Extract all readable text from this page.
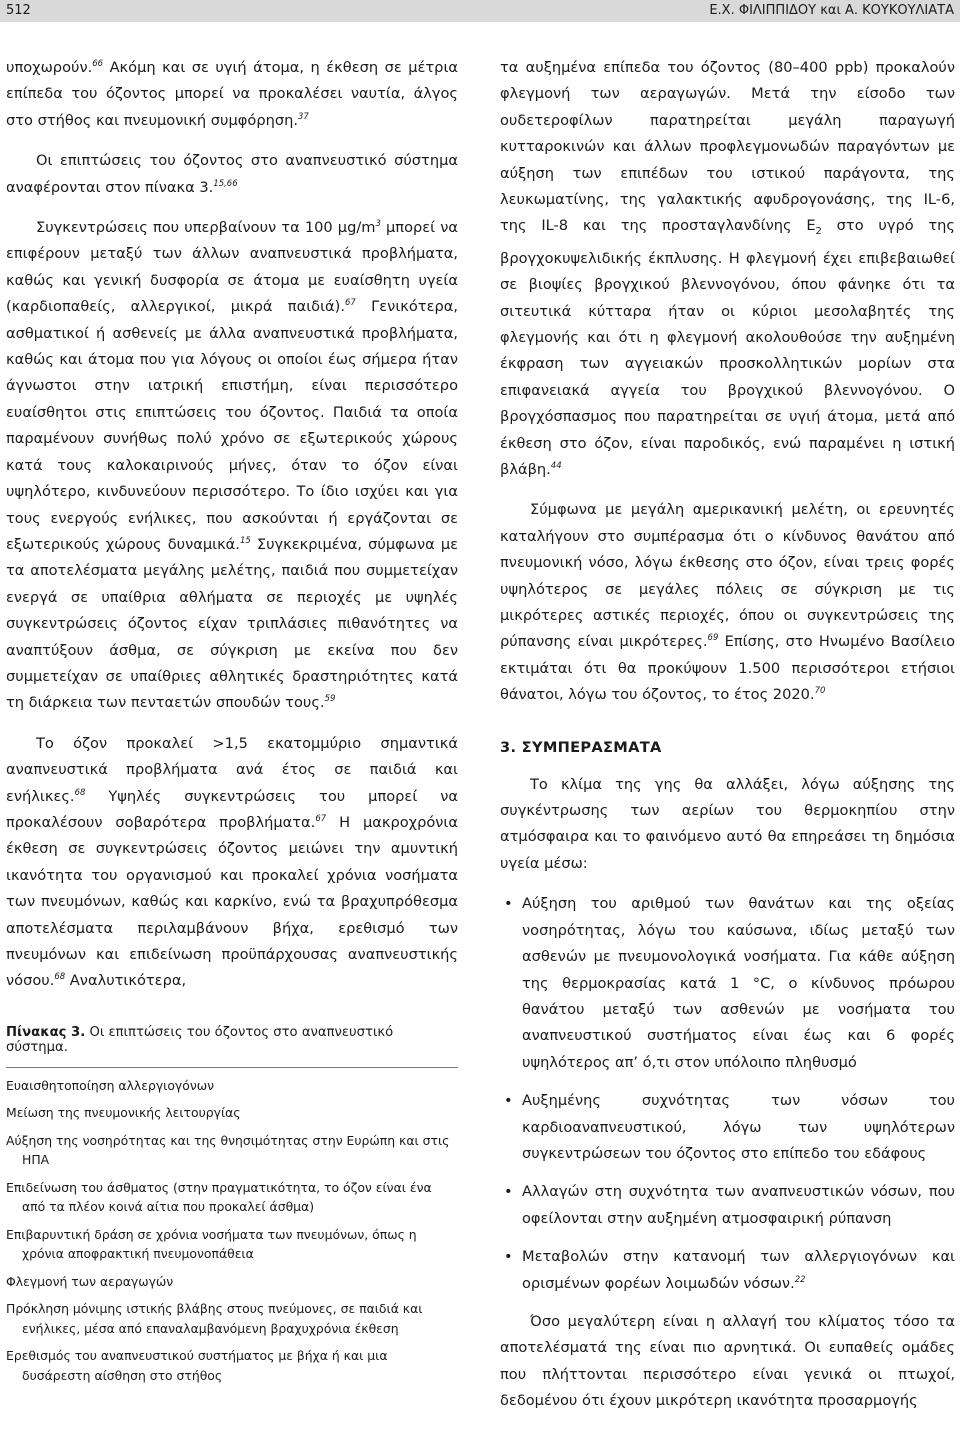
512	Ε.Χ. ΦΙΛΙΠΠΙΔΟΥ και Α. ΚΟΥΚΟΥΛΙΑΤΑ

υποχωρούν.$^{66}$ Ακόμη και σε υγιή άτομα, η έκθεση σε μέτρια επίπεδα του όζοντος μπορεί να προκαλέσει ναυτία, άλγος στο στήθος και πνευμονική συμφόρηση.$^{37}$

Οι επιπτώσεις του όζοντος στο αναπνευστικό σύστημα αναφέρονται στον πίνακα 3.$^{15,66}$

Συγκεντρώσεις που υπερβαίνουν τα 100 $\mu g/m^3$ μπορεί να επιφέρουν μεταξύ των άλλων αναπνευστικά προβλήματα, καθώς και γενική δυσφορία σε άτομα με ευαίσθητη υγεία (καρδιοπαθείς, αλλεργικοί, μικρά παιδιά).$^{67}$ Γενικότερα, ασθματικοί ή ασθενείς με άλλα αναπνευστικά προβλήματα, καθώς και άτομα που για λόγους οι οποίοι έως σήμερα ήταν άγνωστοι στην ιατρική επιστήμη, είναι περισσότερο ευαίσθητοι στις επιπτώσεις του όζοντος. Παιδιά τα οποία παραμένουν συνήθως πολύ χρόνο σε εξωτερικούς χώρους κατά τους καλοκαιρινούς μήνες, όταν το όζον είναι υψηλότερο, κινδυνεύουν περισσότερο. Το ίδιο ισχύει και για τους ενεργούς ενήλικες, που ασκούνται ή εργάζονται σε εξωτερικούς χώρους δυναμικά.$^{15}$ Συγκεκριμένα, σύμφωνα με τα αποτελέσματα μεγάλης μελέτης, παιδιά που συμμετείχαν ενεργά σε υπαίθρια αθλήματα σε περιοχές με υψηλές συγκεντρώσεις όζοντος είχαν τριπλάσιες πιθανότητες να αναπτύξουν άσθμα, σε σύγκριση με εκείνα που δεν συμμετείχαν σε υπαίθριες αθλητικές δραστηριότητες κατά τη διάρκεια των πενταετών σπουδών τους.$^{59}$

Το όζον προκαλεί >1,5 εκατομμύριο σημαντικά αναπνευστικά προβλήματα ανά έτος σε παιδιά και ενήλικες.$^{68}$ Υψηλές συγκεντρώσεις του μπορεί να προκαλέσουν σοβαρότερα προβλήματα.$^{67}$ Η μακροχρόνια έκθεση σε συγκεντρώσεις όζοντος μειώνει την αμυντική ικανότητα του οργανισμού και προκαλεί χρόνια νοσήματα των πνευμόνων, καθώς και καρκίνο, ενώ τα βραχυπρόθεσμα αποτελέσματα περιλαμβάνουν βήχα, ερεθισμό των πνευμόνων και επιδείνωση προϋπάρχουσας αναπνευστικής νόσου.$^{68}$ Αναλυτικότερα,

Πίνακας 3. Οι επιπτώσεις του όζοντος στο αναπνευστικό σύστημα.
Ευαισθητοποίηση αλλεργιογόνων
Μείωση της πνευμονικής λειτουργίας
Αύξηση της νοσηρότητας και της θνησιμότητας στην Ευρώπη και στις ΗΠΑ
Επιδείνωση του άσθματος (στην πραγματικότητα, το όζον είναι ένα από τα πλέον κοινά αίτια που προκαλεί άσθμα)
Επιβαρυντική δράση σε χρόνια νοσήματα των πνευμόνων, όπως η χρόνια αποφρακτική πνευμονοπάθεια
Φλεγμονή των αεραγωγών
Πρόκληση μόνιμης ιστικής βλάβης στους πνεύμονες, σε παιδιά και ενήλικες, μέσα από επαναλαμβανόμενη βραχυχρόνια έκθεση
Ερεθισμός του αναπνευστικού συστήματος με βήχα ή και μια δυσάρεστη αίσθηση στο στήθος

τα αυξημένα επίπεδα του όζοντος (80–400 ppb) προκαλούν φλεγμονή των αεραγωγών. Μετά την είσοδο των ουδετεροφίλων παρατηρείται μεγάλη παραγωγή κυτταροκινών και άλλων προφλεγμονωδών παραγόντων με αύξηση των επιπέδων του ιστικού παράγοντα, της λευκωματίνης, της γαλακτικής αφυδρογονάσης, της IL-6, της IL-8 και της προσταγλανδίνης $E_2$ στο υγρό της βρογχοκυψελιδικής έκπλυσης. Η φλεγμονή έχει επιβεβαιωθεί σε βιοψίες βρογχικού βλεννογόνου, όπου φάνηκε ότι τα σιτευτικά κύτταρα ήταν οι κύριοι μεσολαβητές της φλεγμονής και ότι η φλεγμονή ακολουθούσε την αυξημένη έκφραση των αγγειακών προσκολλητικών μορίων στα επιφανειακά αγγεία του βρογχικού βλεννογόνου. Ο βρογχόσπασμος που παρατηρείται σε υγιή άτομα, μετά από έκθεση στο όζον, είναι παροδικός, ενώ παραμένει η ιστική βλάβη.$^{44}$

Σύμφωνα με μεγάλη αμερικανική μελέτη, οι ερευνητές καταλήγουν στο συμπέρασμα ότι ο κίνδυνος θανάτου από πνευμονική νόσο, λόγω έκθεσης στο όζον, είναι τρεις φορές υψηλότερος σε μεγάλες πόλεις σε σύγκριση με τις μικρότερες αστικές περιοχές, όπου οι συγκεντρώσεις της ρύπανσης είναι μικρότερες.$^{69}$ Επίσης, στο Ηνωμένο Βασίλειο εκτιμάται ότι θα προκύψουν 1.500 περισσότεροι ετήσιοι θάνατοι, λόγω του όζοντος, το έτος 2020.70

3. ΣΥΜΠΕΡΑΣΜΑΤΑ

Το κλίμα της γης θα αλλάξει, λόγω αύξησης της συγκέντρωσης των αερίων του θερμοκηπίου στην ατμόσφαιρα και το φαινόμενο αυτό θα επηρεάσει τη δημόσια υγεία μέσω:

• Αύξηση του αριθμού των θανάτων και της οξείας νοσηρότητας, λόγω του καύσωνα, ιδίως μεταξύ των ασθενών με πνευμονολογικά νοσήματα. Για κάθε αύξηση της θερμοκρασίας κατά 1 °C, ο κίνδυνος πρόωρου θανάτου μεταξύ των ασθενών με νοσήματα του αναπνευστικού συστήματος είναι έως και 6 φορές υψηλότερος απ’ ό,τι στον υπόλοιπο πληθυσμό
• Αυξημένης συχνότητας των νόσων του καρδιοαναπνευστικού, λόγω των υψηλότερων συγκεντρώσεων του όζοντος στο επίπεδο του εδάφους
• Αλλαγών στη συχνότητα των αναπνευστικών νόσων, που οφείλονται στην αυξημένη ατμοσφαιρική ρύπανση
• Μεταβολών στην κατανομή των αλλεργιογόνων και ορισμένων φορέων λοιμωδών νόσων.$^{22}$

Όσο μεγαλύτερη είναι η αλλαγή του κλίματος τόσο τα αποτελέσματά της είναι πιο αρνητικά. Οι ευπαθείς ομάδες που πλήττονται περισσότερο είναι γενικά οι πτωχοί, δεδομένου ότι έχουν μικρότερη ικανότητα προσαρμογής
